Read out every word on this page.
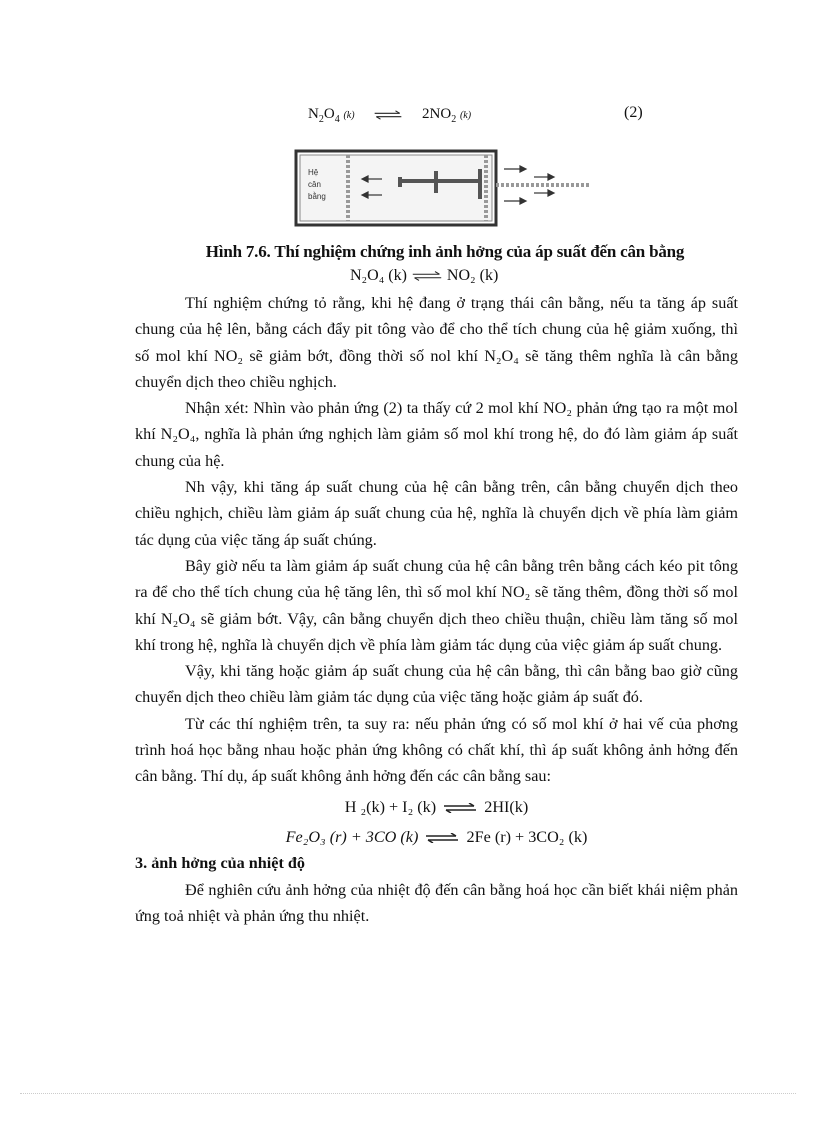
$N_2O_4$ (k) ⇌ $2NO_2$ (k)	(2)
Hệ
cân
bằng
Hình 7.6. Thí nghiệm chứng inh ảnh hởng của áp suất đến cân bằng
N₂O₄ (k) ⇌ NO₂ (k)

Thí nghiệm chứng tỏ rằng, khi hệ đang ở trạng thái cân bằng, nếu ta tăng áp suất chung của hệ lên, bằng cách đẩy pit tông vào để cho thể tích chung của hệ giảm xuống, thì số mol khí NO₂ sẽ giảm bớt, đồng thời số nol khí N₂O₄ sẽ tăng thêm nghĩa là cân bằng chuyển dịch theo chiều nghịch.

Nhận xét: Nhìn vào phản ứng (2) ta thấy cứ 2 mol khí NO₂ phản ứng tạo ra một mol khí N₂O₄, nghĩa là phản ứng nghịch làm giảm số mol khí trong hệ, do đó làm giảm áp suất chung của hệ.

Nh vậy, khi tăng áp suất chung của hệ cân bằng trên, cân bằng chuyển dịch theo chiều nghịch, chiều làm giảm áp suất chung của hệ, nghĩa là chuyển dịch về phía làm giảm tác dụng của việc tăng áp suất chúng.

Bây giờ nếu ta làm giảm áp suất chung của hệ cân bằng trên bằng cách kéo pit tông ra để cho thể tích chung của hệ tăng lên, thì số mol khí NO₂ sẽ tăng thêm, đồng thời số mol khí N₂O₄ sẽ giảm bớt. Vậy, cân bằng chuyển dịch theo chiều thuận, chiều làm tăng số mol khí trong hệ, nghĩa là chuyển dịch về phía làm giảm tác dụng của việc giảm áp suất chung.

Vậy, khi tăng hoặc giảm áp suất chung của hệ cân bằng, thì cân bằng bao giờ cũng chuyển dịch theo chiều làm giảm tác dụng của việc tăng hoặc giảm áp suất đó.

Từ các thí nghiệm trên, ta suy ra: nếu phản ứng có số mol khí ở hai vế của phơng trình hoá học bằng nhau hoặc phản ứng không có chất khí, thì áp suất không ảnh hởng đến cân bằng. Thí dụ, áp suất không ảnh hởng đến các cân bằng sau:

H ₂(k) + I₂ (k) ⇌ 2HI(k)

Fe₂O₃ (r) + 3CO (k) ⇌ 2Fe (r) + 3CO₂ (k)

3. ảnh hởng của nhiệt độ

Để nghiên cứu ảnh hởng của nhiệt độ đến cân bằng hoá học cần biết khái niệm phản ứng toả nhiệt và phản ứng thu nhiệt.
